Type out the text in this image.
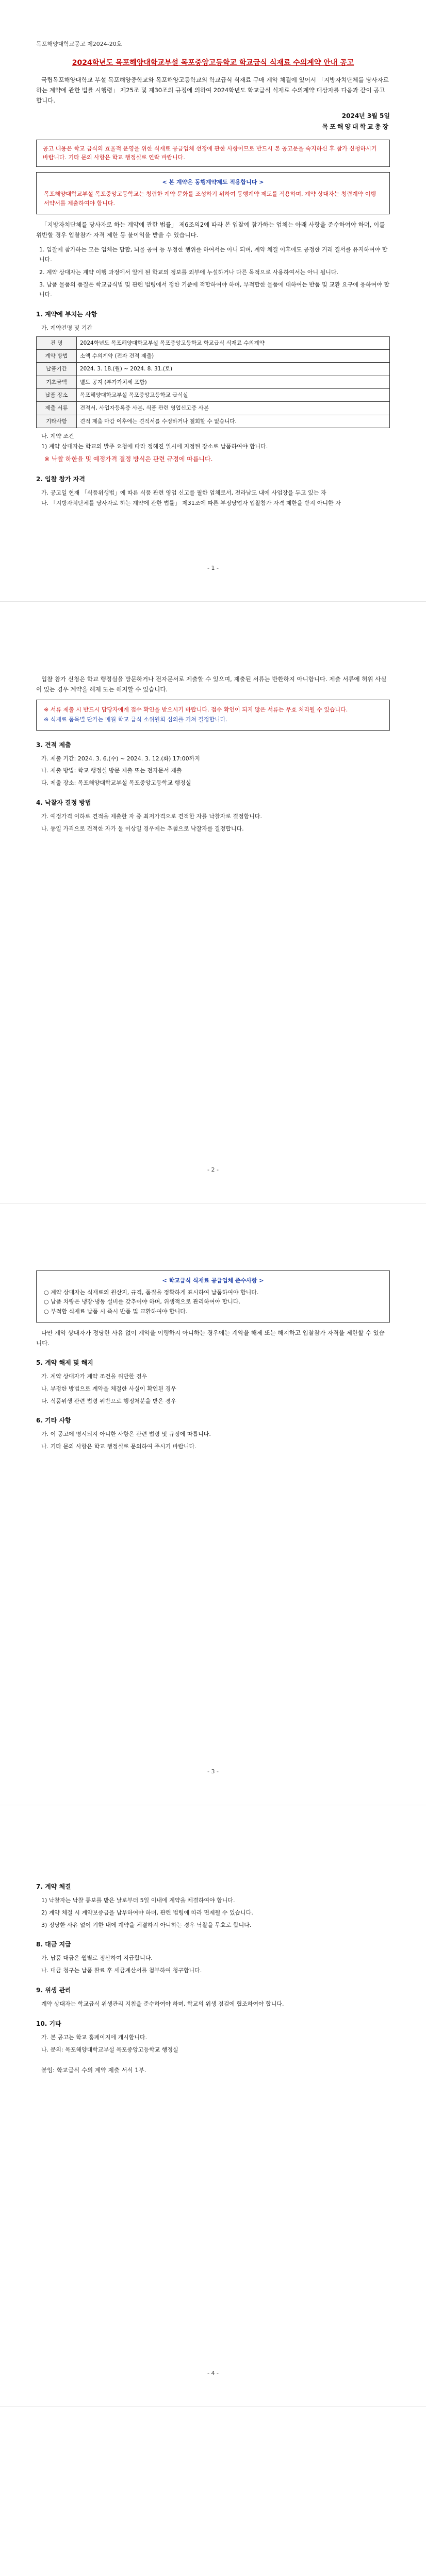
목포해양대학교공고 제2024-20호
2024학년도 목포해양대학교부설 목포중앙고등학교 학교급식 식재료 수의계약 안내 공고

국립목포해양대학교 부설 목포해양중학교와 목포해양고등학교의 학교급식 식재료 구매 계약 체결에 있어서 「지방자치단체를 당사자로 하는 계약에 관한 법률 시행령」 제25조 및 제30조의 규정에 의하여 2024학년도 학교급식 식재료 수의계약 대상자를 다음과 같이 공고합니다.

2024년 3월 5일
목포해양대학교총장
공고 내용은 학교 급식의 효율적 운영을 위한 식재료 공급업체 선정에 관한 사항이므로 반드시 본 공고문을 숙지하신 후 참가 신청하시기 바랍니다. 기타 문의 사항은 학교 행정실로 연락 바랍니다.
< 본 계약은 동행계약제도 적용합니다 >
목포해양대학교부설 목포중앙고등학교는 청렴한 계약 문화를 조성하기 위하여 동행계약 제도를 적용하며, 계약 상대자는 청렴계약 이행 서약서를 제출하여야 합니다.

「지방자치단체를 당사자로 하는 계약에 관한 법률」 제6조의2에 따라 본 입찰에 참가하는 업체는 아래 사항을 준수하여야 하며, 이를 위반할 경우 입찰참가 자격 제한 등 불이익을 받을 수 있습니다.

1. 입찰에 참가하는 모든 업체는 담합, 뇌물 공여 등 부정한 행위를 하여서는 아니 되며, 계약 체결 이후에도 공정한 거래 질서를 유지하여야 합니다.
2. 계약 상대자는 계약 이행 과정에서 알게 된 학교의 정보를 외부에 누설하거나 다른 목적으로 사용하여서는 아니 됩니다.
3. 납품 물품의 품질은 학교급식법 및 관련 법령에서 정한 기준에 적합하여야 하며, 부적합한 물품에 대하여는 반품 및 교환 요구에 응하여야 합니다.
1. 계약에 부치는 사항
가. 계약건명 및 기간
건 명	2024학년도 목포해양대학교부설 목포중앙고등학교 학교급식 식재료 수의계약
계약 방법	소액 수의계약 (전자 견적 제출)
납품기간	2024. 3. 18.(월) ~ 2024. 8. 31.(토)
기초금액	별도 공지 (부가가치세 포함)
납품 장소	목포해양대학교부설 목포중앙고등학교 급식실
제출 서류	견적서, 사업자등록증 사본, 식품 관련 영업신고증 사본
기타사항	견적 제출 마감 이후에는 견적서를 수정하거나 철회할 수 없습니다.
나. 계약 조건
1) 계약 상대자는 학교의 발주 요청에 따라 정해진 일시에 지정된 장소로 납품하여야 합니다.
※ 낙찰 하한율 및 예정가격 결정 방식은 관련 규정에 따릅니다.
2. 입찰 참가 자격
가. 공고일 현재 「식품위생법」에 따른 식품 관련 영업 신고를 필한 업체로서, 전라남도 내에 사업장을 두고 있는 자
나. 「지방자치단체를 당사자로 하는 계약에 관한 법률」 제31조에 따른 부정당업자 입찰참가 자격 제한을 받지 아니한 자
- 1 -

입찰 참가 신청은 학교 행정실을 방문하거나 전자문서로 제출할 수 있으며, 제출된 서류는 반환하지 아니합니다. 제출 서류에 허위 사실이 있는 경우 계약을 해제 또는 해지할 수 있습니다.

※ 서류 제출 시 반드시 담당자에게 접수 확인을 받으시기 바랍니다. 접수 확인이 되지 않은 서류는 무효 처리될 수 있습니다.
※ 식재료 품목별 단가는 매월 학교 급식 소위원회 심의를 거쳐 결정합니다.
3. 견적 제출
가. 제출 기간: 2024. 3. 6.(수) ~ 2024. 3. 12.(화) 17:00까지
나. 제출 방법: 학교 행정실 방문 제출 또는 전자문서 제출
다. 제출 장소: 목포해양대학교부설 목포중앙고등학교 행정실
4. 낙찰자 결정 방법
가. 예정가격 이하로 견적을 제출한 자 중 최저가격으로 견적한 자를 낙찰자로 결정합니다.
나. 동일 가격으로 견적한 자가 둘 이상일 경우에는 추첨으로 낙찰자를 결정합니다.
- 2 -
< 학교급식 식재료 공급업체 준수사항 >
○ 계약 상대자는 식재료의 원산지, 규격, 품질을 정확하게 표시하여 납품하여야 합니다.
○ 납품 차량은 냉장·냉동 설비를 갖추어야 하며, 위생적으로 관리하여야 합니다.
○ 부적합 식재료 납품 시 즉시 반품 및 교환하여야 합니다.

다만 계약 상대자가 정당한 사유 없이 계약을 이행하지 아니하는 경우에는 계약을 해제 또는 해지하고 입찰참가 자격을 제한할 수 있습니다.

5. 계약 해제 및 해지
가. 계약 상대자가 계약 조건을 위반한 경우
나. 부정한 방법으로 계약을 체결한 사실이 확인된 경우
다. 식품위생 관련 법령 위반으로 행정처분을 받은 경우
6. 기타 사항
가. 이 공고에 명시되지 아니한 사항은 관련 법령 및 규정에 따릅니다.
나. 기타 문의 사항은 학교 행정실로 문의하여 주시기 바랍니다.
- 3 -
7. 계약 체결
1) 낙찰자는 낙찰 통보를 받은 날로부터 5일 이내에 계약을 체결하여야 합니다.
2) 계약 체결 시 계약보증금을 납부하여야 하며, 관련 법령에 따라 면제될 수 있습니다.
3) 정당한 사유 없이 기한 내에 계약을 체결하지 아니하는 경우 낙찰을 무효로 합니다.
8. 대금 지급
가. 납품 대금은 월별로 정산하여 지급합니다.
나. 대금 청구는 납품 완료 후 세금계산서를 첨부하여 청구합니다.
9. 위생 관리
계약 상대자는 학교급식 위생관리 지침을 준수하여야 하며, 학교의 위생 점검에 협조하여야 합니다.
10. 기타
가. 본 공고는 학교 홈페이지에 게시합니다.
나. 문의: 목포해양대학교부설 목포중앙고등학교 행정실

붙임: 학교급식 수의 계약 제출 서식 1부.

- 4 -
